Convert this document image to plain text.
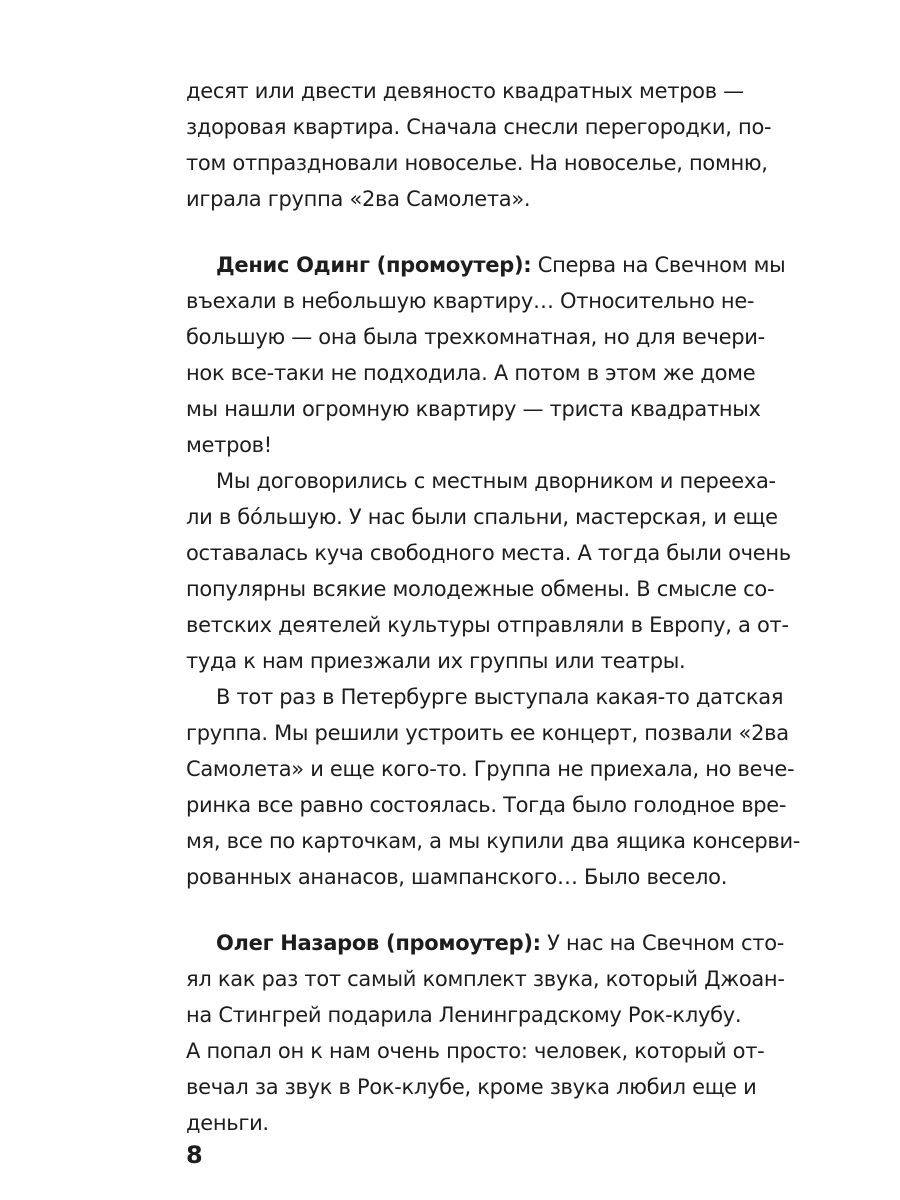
десят или двести девяносто квадратных метров —
здоровая квартира. Сначала снесли перегородки, по-
том отпраздновали новоселье. На новоселье, помню,
играла группа «2ва Самолета».
Денис Одинг (промоутер): Сперва на Свечном мы
въехали в небольшую квартиру… Относительно не-
большую — она была трехкомнатная, но для вечери-
нок все-таки не подходила. А потом в этом же доме
мы нашли огромную квартиру — триста квадратных
метров!
Мы договорились с местным дворником и перееха-
ли в бо́льшую. У нас были спальни, мастерская, и еще
оставалась куча свободного места. А тогда были очень
популярны всякие молодежные обмены. В смысле со-
ветских деятелей культуры отправляли в Европу, а от-
туда к нам приезжали их группы или театры.
В тот раз в Петербурге выступала какая-то датская
группа. Мы решили устроить ее концерт, позвали «2ва
Самолета» и еще кого-то. Группа не приехала, но вече-
ринка все равно состоялась. Тогда было голодное вре-
мя, все по карточкам, а мы купили два ящика консерви-
рованных ананасов, шампанского… Было весело.
Олег Назаров (промоутер): У нас на Свечном сто-
ял как раз тот самый комплект звука, который Джоан-
на Стингрей подарила Ленинградскому Рок-клубу.
А попал он к нам очень просто: человек, который от-
вечал за звук в Рок-клубе, кроме звука любил еще и
деньги.
8
